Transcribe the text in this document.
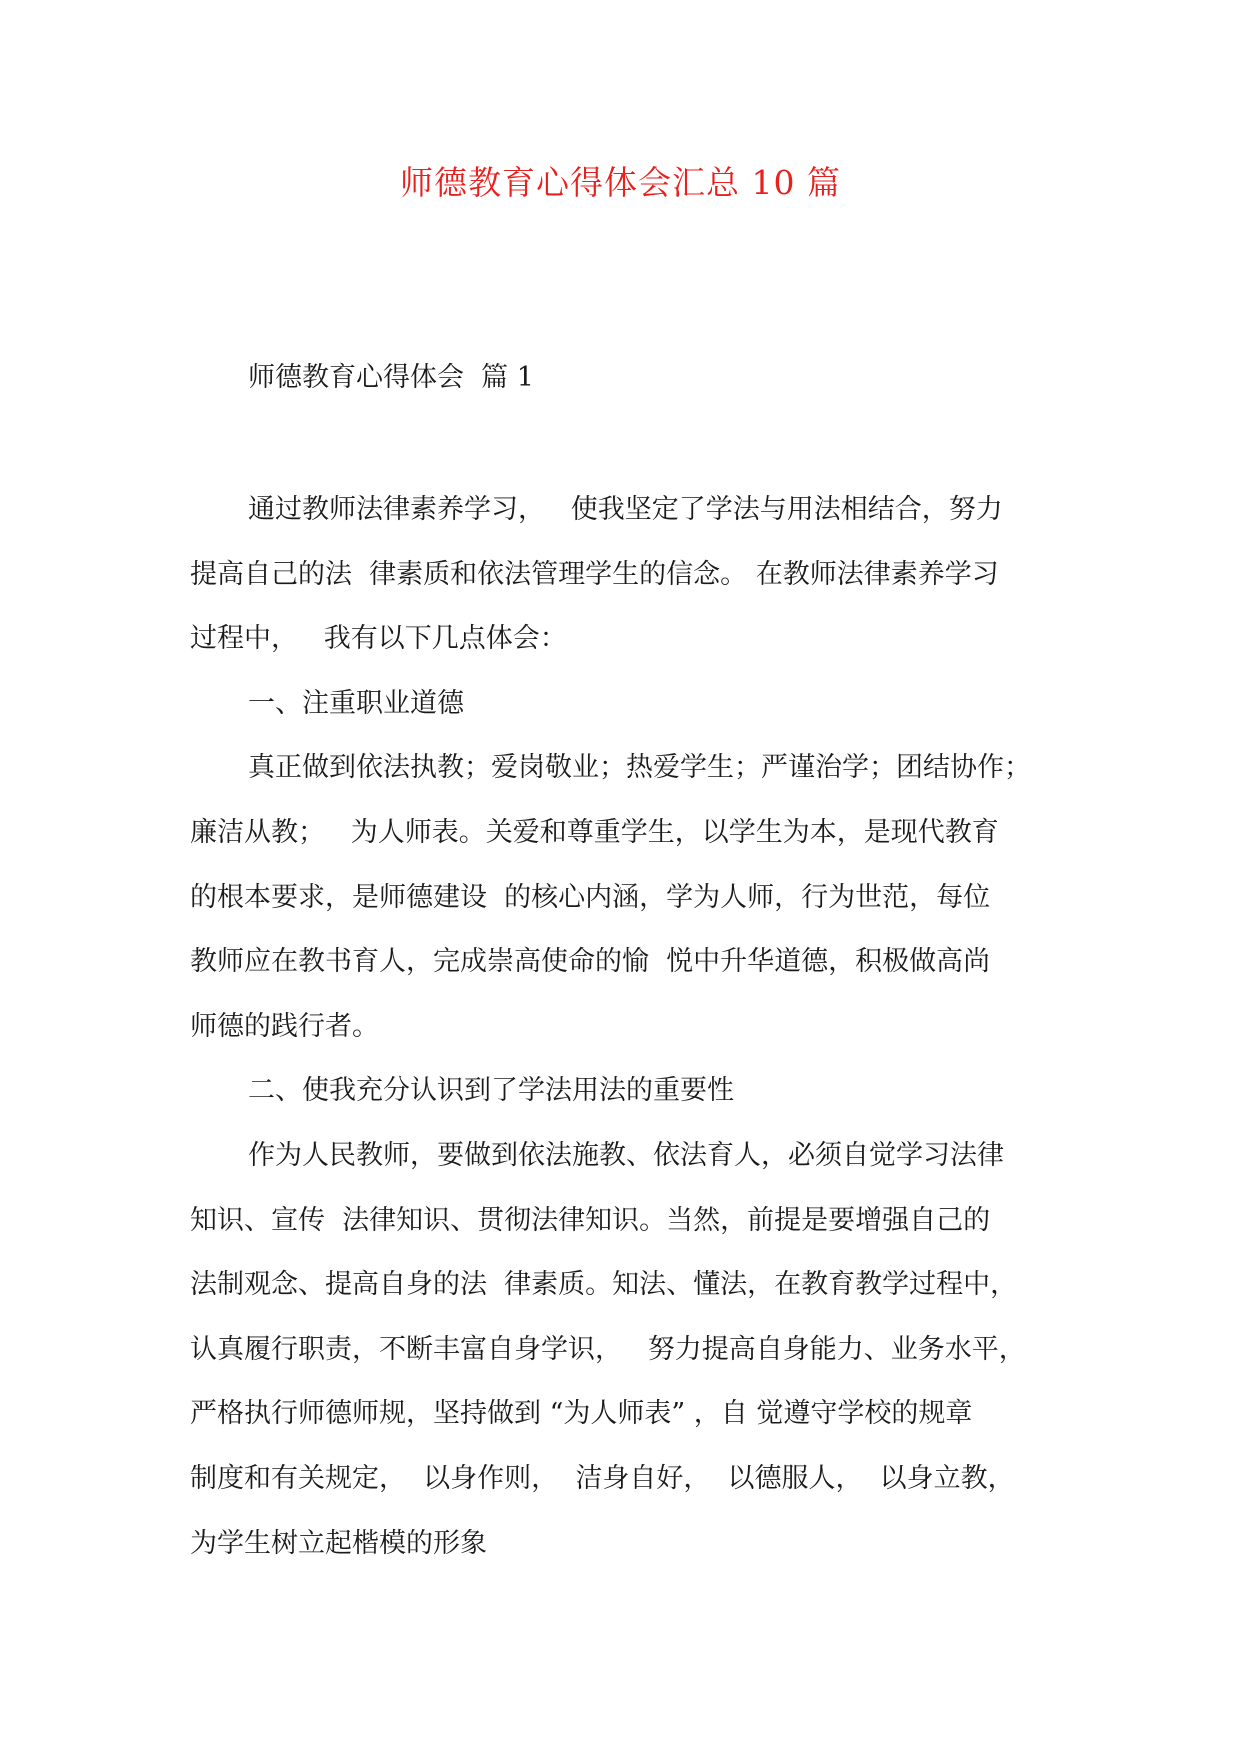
师德教育心得体会汇总 10 篇
师德教育心得体会  篇 1
通过教师法律素养学习，   使我坚定了学法与用法相结合，努力
提高自己的法  律素质和依法管理学生的信念。 在教师法律素养学习
过程中，   我有以下几点体会：
一、注重职业道德
真正做到依法执教；爱岗敬业；热爱学生；严谨治学；团结协作；
廉洁从教；   为人师表。关爱和尊重学生，以学生为本，是现代教育
的根本要求，是师德建设  的核心内涵，学为人师，行为世范，每位
教师应在教书育人，完成崇高使命的愉  悦中升华道德，积极做高尚
师德的践行者。
二、使我充分认识到了学法用法的重要性
作为人民教师，要做到依法施教、依法育人，必须自觉学习法律
知识、宣传  法律知识、贯彻法律知识。当然，前提是要增强自己的
法制观念、提高自身的法  律素质。知法、懂法，在教育教学过程中，
认真履行职责，不断丰富自身学识，   努力提高自身能力、业务水平，
严格执行师德师规，坚持做到 “为人师表” ，自 觉遵守学校的规章
制度和有关规定，  以身作则，  洁身自好，  以德服人，  以身立教，
为学生树立起楷模的形象
